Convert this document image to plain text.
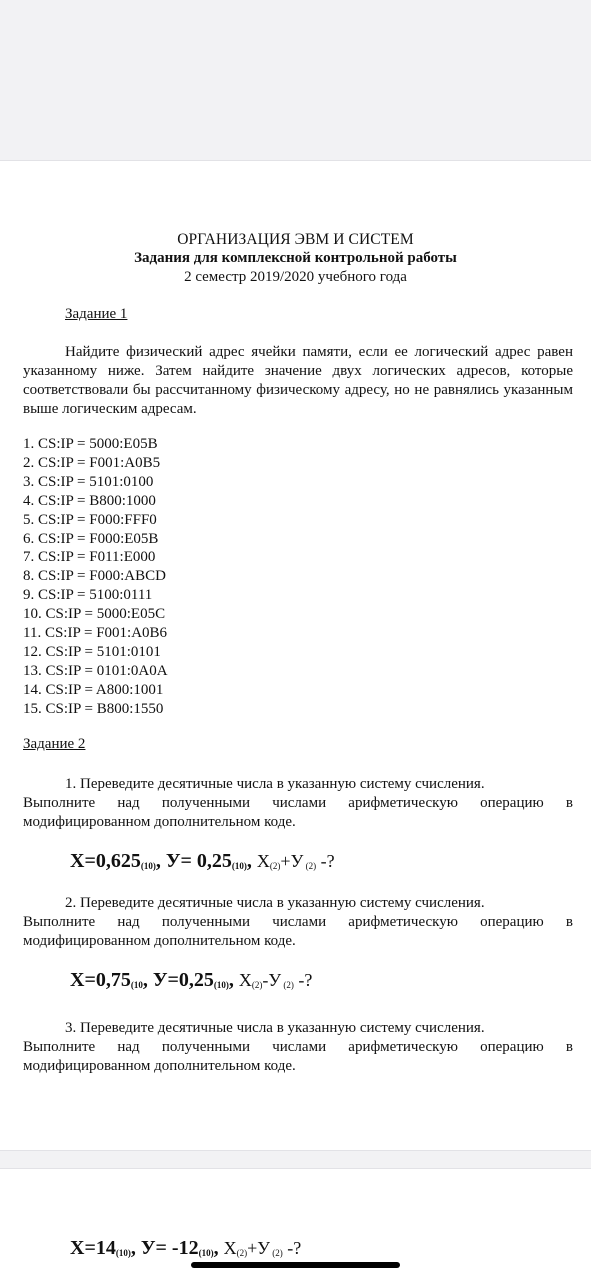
ОРГАНИЗАЦИЯ ЭВМ И СИСТЕМ
Задания для комплексной контрольной работы
2 семестр 2019/2020 учебного года
Задание 1
Найдите физический адрес ячейки памяти, если ее логический адрес равен указанному ниже. Затем найдите значение двух логических адресов, которые соответствовали бы рассчитанному физическому адресу, но не равнялись указанным выше логическим адресам.
1. CS:IP = 5000:E05B
2. CS:IP = F001:A0B5
3. CS:IP = 5101:0100
4. CS:IP = B800:1000
5. CS:IP = F000:FFF0
6. CS:IP = F000:E05B
7. CS:IP = F011:E000
8. CS:IP = F000:ABCD
9. CS:IP = 5100:0111
10. CS:IP = 5000:E05C
11. CS:IP = F001:A0B6
12. CS:IP = 5101:0101
13. CS:IP = 0101:0A0A
14. CS:IP = A800:1001
15. CS:IP = B800:1550
Задание 2
1. Переведите десятичные числа в указанную систему счисления.
Выполните над полученными числами арифметическую операцию в модифицированном дополнительном коде.
$X=0,625_{(10)}$, $У= 0,25_{(10)}$, $X_{(2)}+У$ $_{(2)}$ -?
2. Переведите десятичные числа в указанную систему счисления.
Выполните над полученными числами арифметическую операцию в модифицированном дополнительном коде.
$X=0,75_{(10}$, $У=0,25_{(10)}$, $X_{(2)}-У$ $_{(2)}$ -?
3. Переведите десятичные числа в указанную систему счисления.
Выполните над полученными числами арифметическую операцию в модифицированном дополнительном коде.
$X=14_{(10)}$, $У= -12_{(10)}$, $X_{(2)}+У$ $_{(2)}$ -?
